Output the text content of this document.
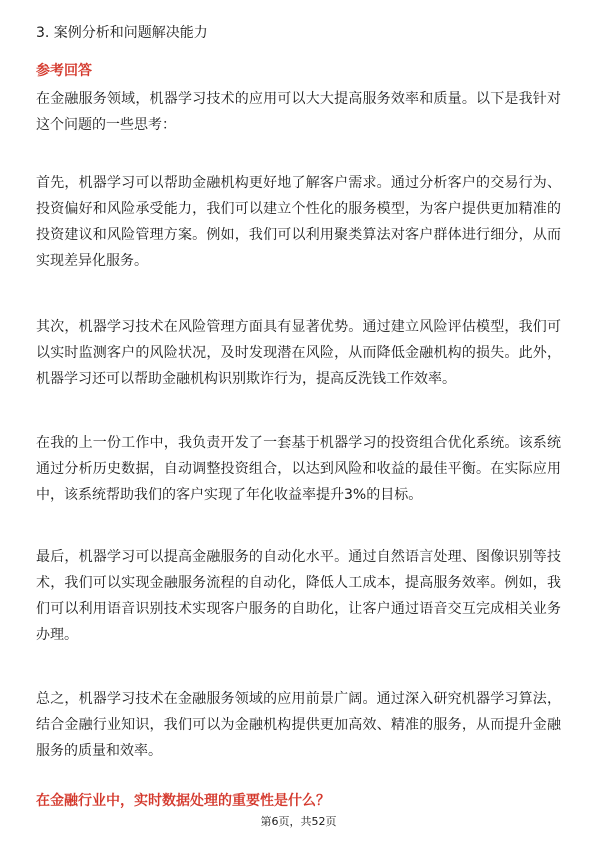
3. 案例分析和问题解决能力
参考回答

在金融服务领域，机器学习技术的应用可以大大提高服务效率和质量。以下是我针对这个问题的一些思考：

首先，机器学习可以帮助金融机构更好地了解客户需求。通过分析客户的交易行为、投资偏好和风险承受能力，我们可以建立个性化的服务模型，为客户提供更加精准的投资建议和风险管理方案。例如，我们可以利用聚类算法对客户群体进行细分，从而实现差异化服务。

其次，机器学习技术在风险管理方面具有显著优势。通过建立风险评估模型，我们可以实时监测客户的风险状况，及时发现潜在风险，从而降低金融机构的损失。此外，机器学习还可以帮助金融机构识别欺诈行为，提高反洗钱工作效率。

在我的上一份工作中，我负责开发了一套基于机器学习的投资组合优化系统。该系统通过分析历史数据，自动调整投资组合，以达到风险和收益的最佳平衡。在实际应用中，该系统帮助我们的客户实现了年化收益率提升3%的目标。

最后，机器学习可以提高金融服务的自动化水平。通过自然语言处理、图像识别等技术，我们可以实现金融服务流程的自动化，降低人工成本，提高服务效率。例如，我们可以利用语音识别技术实现客户服务的自助化，让客户通过语音交互完成相关业务办理。

总之，机器学习技术在金融服务领域的应用前景广阔。通过深入研究机器学习算法，结合金融行业知识，我们可以为金融机构提供更加高效、精准的服务，从而提升金融服务的质量和效率。

在金融行业中，实时数据处理的重要性是什么？
第6页，共52页
